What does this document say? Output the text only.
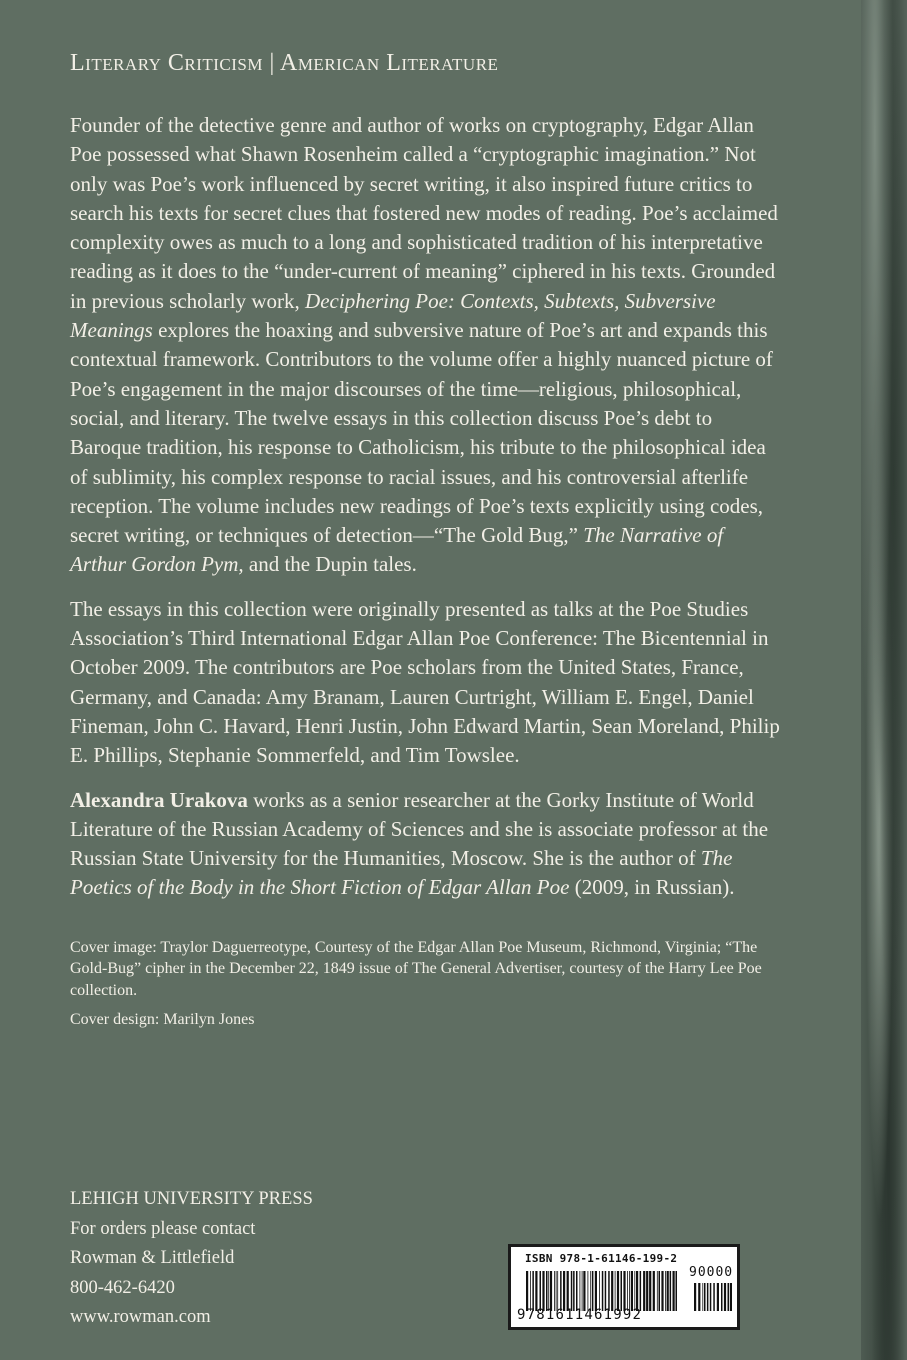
Literary Criticism | American Literature

Founder of the detective genre and author of works on cryptography, Edgar Allan Poe possessed what Shawn Rosenheim called a “cryptographic imagination.” Not only was Poe’s work influenced by secret writing, it also inspired future critics to search his texts for secret clues that fostered new modes of reading. Poe’s acclaimed complexity owes as much to a long and sophisticated tradition of his interpretative reading as it does to the “under-current of meaning” ciphered in his texts. Grounded in previous scholarly work, Deciphering Poe: Contexts, Subtexts, Subversive Meanings explores the hoaxing and subversive nature of Poe’s art and expands this contextual framework. Contributors to the volume offer a highly nuanced picture of Poe’s engagement in the major discourses of the time—religious, philosophical, social, and literary. The twelve essays in this collection discuss Poe’s debt to Baroque tradition, his response to Catholicism, his tribute to the philosophical idea of sublimity, his complex response to racial issues, and his controversial afterlife reception. The volume includes new readings of Poe’s texts explicitly using codes, secret writing, or techniques of detection—“The Gold Bug,” The Narrative of Arthur Gordon Pym, and the Dupin tales.

The essays in this collection were originally presented as talks at the Poe Studies Association’s Third International Edgar Allan Poe Conference: The Bicentennial in October 2009. The contributors are Poe scholars from the United States, France, Germany, and Canada: Amy Branam, Lauren Curtright, William E. Engel, Daniel Fineman, John C. Havard, Henri Justin, John Edward Martin, Sean Moreland, Philip E. Phillips, Stephanie Sommerfeld, and Tim Towslee.

Alexandra Urakova works as a senior researcher at the Gorky Institute of World Literature of the Russian Academy of Sciences and she is associate professor at the Russian State University for the Humanities, Moscow. She is the author of The Poetics of the Body in the Short Fiction of Edgar Allan Poe (2009, in Russian).

Cover image: Traylor Daguerreotype, Courtesy of the Edgar Allan Poe Museum, Richmond, Virginia; “The Gold-Bug” cipher in the December 22, 1849 issue of The General Advertiser, courtesy of the Harry Lee Poe collection.

Cover design: Marilyn Jones

LEHIGH UNIVERSITY PRESS
For orders please contact
Rowman & Littlefield
800-462-6420
www.rowman.com
ISBN 978-1-61146-199-2
90000
9781611461992
